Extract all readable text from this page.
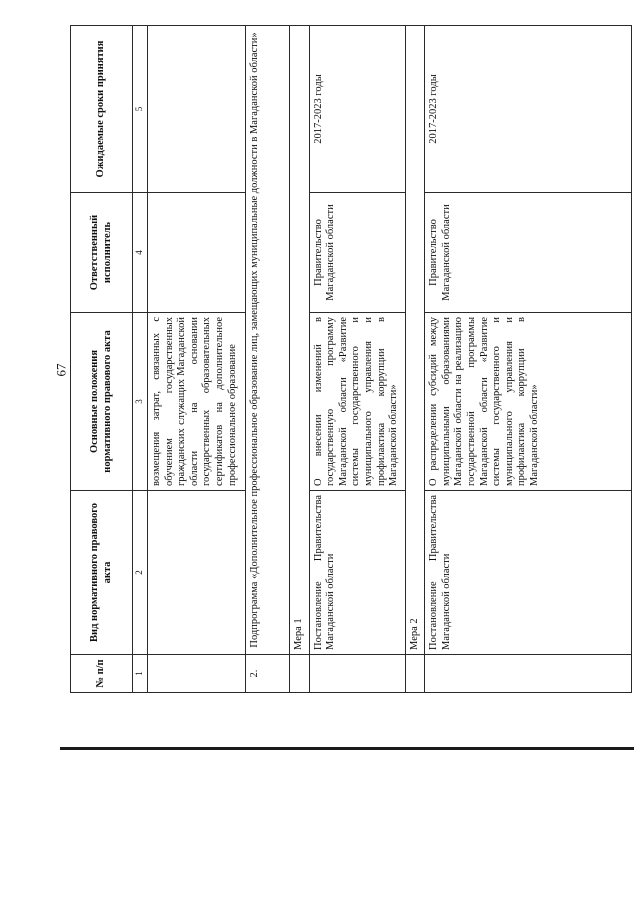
67
№ п/п	Вид нормативного правового акта	Основные положения нормативного правового акта	Ответственный исполнитель	Ожидаемые сроки принятия
1	2	3	4	5
		возмещения затрат, связанных с обучением государственных гражданских служащих Магаданской области на основании государственных образовательных сертификатов на дополнительное профессиональное образование		
2.	Подпрограмма «Дополнительное профессиональное образование лиц, замещающих муниципальные должности в Магаданской области»			
	Мера 1			
	Постановление Правительства Магаданской области	О внесении изменений в государственную программу Магаданской области «Развитие системы государственного и муниципального управления и профилактика коррупции в Магаданской области»	Правительство Магаданской области	2017-2023 годы
	Мера 2			
	Постановление Правительства Магаданской области	О распределении субсидий между муниципальными образованиями Магаданской области на реализацию государственной программы Магаданской области «Развитие системы государственного и муниципального управления и профилактика коррупции в Магаданской области»	Правительство Магаданской области	2017-2023 годы
